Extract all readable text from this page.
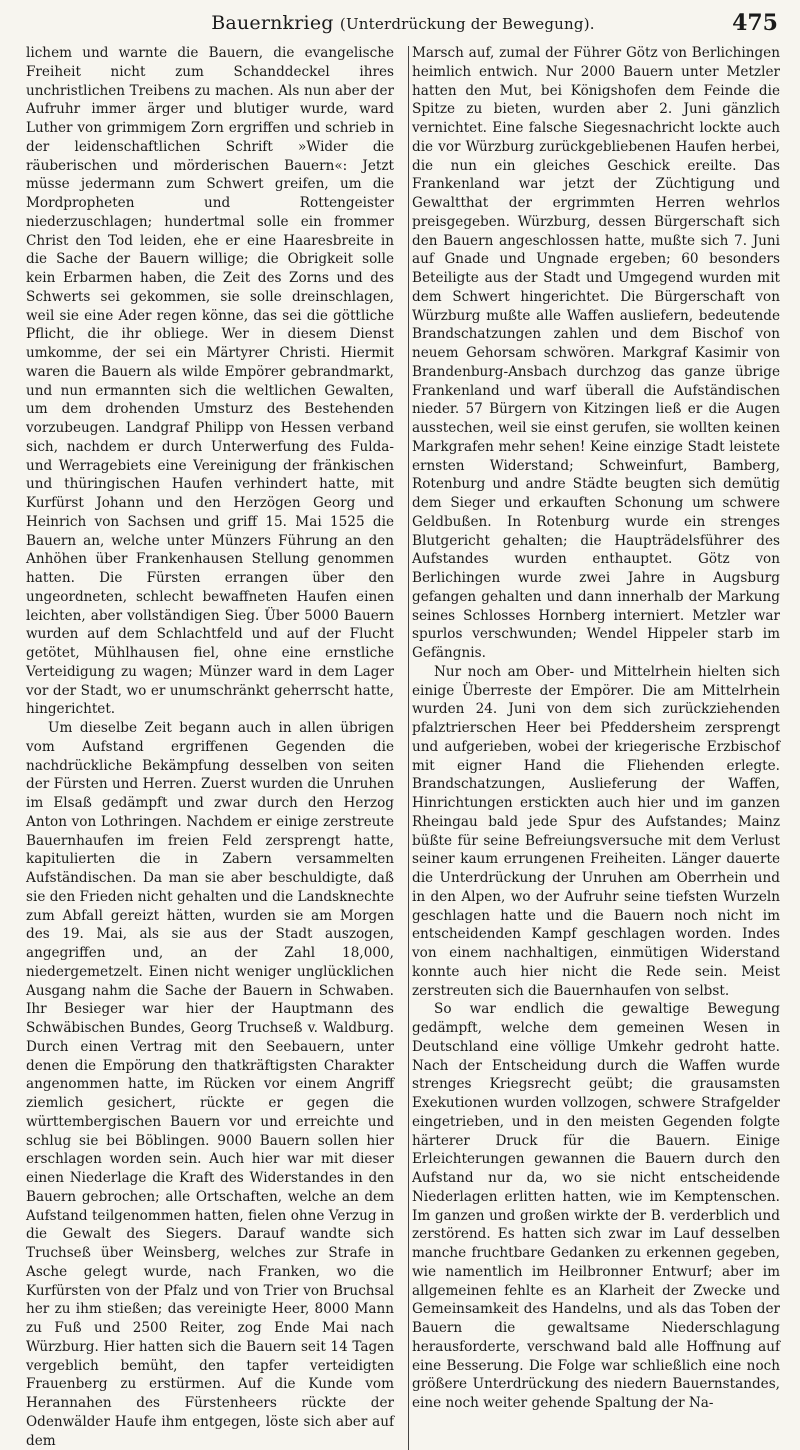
Bauernkrieg (Unterdrückung der Bewegung).	475

lichem und warnte die Bauern, die evangelische Freiheit nicht zum Schanddeckel ihres unchristlichen Treibens zu machen. Als nun aber der Aufruhr immer ärger und blutiger wurde, ward Luther von grimmigem Zorn ergriffen und schrieb in der leidenschaftlichen Schrift »Wider die räuberischen und mörderischen Bauern«: Jetzt müsse jedermann zum Schwert greifen, um die Mordpropheten und Rottengeister niederzuschlagen; hundertmal solle ein frommer Christ den Tod leiden, ehe er eine Haaresbreite in die Sache der Bauern willige; die Obrigkeit solle kein Erbarmen haben, die Zeit des Zorns und des Schwerts sei gekommen, sie solle dreinschlagen, weil sie eine Ader regen könne, das sei die göttliche Pflicht, die ihr obliege. Wer in diesem Dienst umkomme, der sei ein Märtyrer Christi. Hiermit waren die Bauern als wilde Empörer gebrandmarkt, und nun ermannten sich die weltlichen Gewalten, um dem drohenden Umsturz des Bestehenden vorzubeugen. Landgraf Philipp von Hessen verband sich, nachdem er durch Unterwerfung des Fulda- und Werragebiets eine Vereinigung der fränkischen und thüringischen Haufen verhindert hatte, mit Kurfürst Johann und den Herzögen Georg und Heinrich von Sachsen und griff 15. Mai 1525 die Bauern an, welche unter Münzers Führung an den Anhöhen über Frankenhausen Stellung genommen hatten. Die Fürsten errangen über den ungeordneten, schlecht bewaffneten Haufen einen leichten, aber vollständigen Sieg. Über 5000 Bauern wurden auf dem Schlachtfeld und auf der Flucht getötet, Mühlhausen fiel, ohne eine ernstliche Verteidigung zu wagen; Münzer ward in dem Lager vor der Stadt, wo er unumschränkt geherrscht hatte, hingerichtet.

Um dieselbe Zeit begann auch in allen übrigen vom Aufstand ergriffenen Gegenden die nachdrückliche Bekämpfung desselben von seiten der Fürsten und Herren. Zuerst wurden die Unruhen im Elsaß gedämpft und zwar durch den Herzog Anton von Lothringen. Nachdem er einige zerstreute Bauernhaufen im freien Feld zersprengt hatte, kapitulierten die in Zabern versammelten Aufständischen. Da man sie aber beschuldigte, daß sie den Frieden nicht gehalten und die Landsknechte zum Abfall gereizt hätten, wurden sie am Morgen des 19. Mai, als sie aus der Stadt auszogen, angegriffen und, an der Zahl 18,000, niedergemetzelt. Einen nicht weniger unglücklichen Ausgang nahm die Sache der Bauern in Schwaben. Ihr Besieger war hier der Hauptmann des Schwäbischen Bundes, Georg Truchseß v. Waldburg. Durch einen Vertrag mit den Seebauern, unter denen die Empörung den thatkräftigsten Charakter angenommen hatte, im Rücken vor einem Angriff ziemlich gesichert, rückte er gegen die württembergischen Bauern vor und erreichte und schlug sie bei Böblingen. 9000 Bauern sollen hier erschlagen worden sein. Auch hier war mit dieser einen Niederlage die Kraft des Widerstandes in den Bauern gebrochen; alle Ortschaften, welche an dem Aufstand teilgenommen hatten, fielen ohne Verzug in die Gewalt des Siegers. Darauf wandte sich Truchseß über Weinsberg, welches zur Strafe in Asche gelegt wurde, nach Franken, wo die Kurfürsten von der Pfalz und von Trier von Bruchsal her zu ihm stießen; das vereinigte Heer, 8000 Mann zu Fuß und 2500 Reiter, zog Ende Mai nach Würzburg. Hier hatten sich die Bauern seit 14 Tagen vergeblich bemüht, den tapfer verteidigten Frauenberg zu erstürmen. Auf die Kunde vom Herannahen des Fürstenheers rückte der Odenwälder Haufe ihm entgegen, löste sich aber auf dem

Marsch auf, zumal der Führer Götz von Berlichingen heimlich entwich. Nur 2000 Bauern unter Metzler hatten den Mut, bei Königshofen dem Feinde die Spitze zu bieten, wurden aber 2. Juni gänzlich vernichtet. Eine falsche Siegesnachricht lockte auch die vor Würzburg zurückgebliebenen Haufen herbei, die nun ein gleiches Geschick ereilte. Das Frankenland war jetzt der Züchtigung und Gewaltthat der ergrimmten Herren wehrlos preisgegeben. Würzburg, dessen Bürgerschaft sich den Bauern angeschlossen hatte, mußte sich 7. Juni auf Gnade und Ungnade ergeben; 60 besonders Beteiligte aus der Stadt und Umgegend wurden mit dem Schwert hingerichtet. Die Bürgerschaft von Würzburg mußte alle Waffen ausliefern, bedeutende Brandschatzungen zahlen und dem Bischof von neuem Gehorsam schwören. Markgraf Kasimir von Brandenburg-Ansbach durchzog das ganze übrige Frankenland und warf überall die Aufständischen nieder. 57 Bürgern von Kitzingen ließ er die Augen ausstechen, weil sie einst gerufen, sie wollten keinen Markgrafen mehr sehen! Keine einzige Stadt leistete ernsten Widerstand; Schweinfurt, Bamberg, Rotenburg und andre Städte beugten sich demütig dem Sieger und erkauften Schonung um schwere Geldbußen. In Rotenburg wurde ein strenges Blutgericht gehalten; die Haupträdelsführer des Aufstandes wurden enthauptet. Götz von Berlichingen wurde zwei Jahre in Augsburg gefangen gehalten und dann innerhalb der Markung seines Schlosses Hornberg interniert. Metzler war spurlos verschwunden; Wendel Hippeler starb im Gefängnis.

Nur noch am Ober- und Mittelrhein hielten sich einige Überreste der Empörer. Die am Mittelrhein wurden 24. Juni von dem sich zurückziehenden pfalztrierschen Heer bei Pfeddersheim zersprengt und aufgerieben, wobei der kriegerische Erzbischof mit eigner Hand die Fliehenden erlegte. Brandschatzungen, Auslieferung der Waffen, Hinrichtungen erstickten auch hier und im ganzen Rheingau bald jede Spur des Aufstandes; Mainz büßte für seine Befreiungsversuche mit dem Verlust seiner kaum errungenen Freiheiten. Länger dauerte die Unterdrückung der Unruhen am Oberrhein und in den Alpen, wo der Aufruhr seine tiefsten Wurzeln geschlagen hatte und die Bauern noch nicht im entscheidenden Kampf geschlagen worden. Indes von einem nachhaltigen, einmütigen Widerstand konnte auch hier nicht die Rede sein. Meist zerstreuten sich die Bauernhaufen von selbst.

So war endlich die gewaltige Bewegung gedämpft, welche dem gemeinen Wesen in Deutschland eine völlige Umkehr gedroht hatte. Nach der Entscheidung durch die Waffen wurde strenges Kriegsrecht geübt; die grausamsten Exekutionen wurden vollzogen, schwere Strafgelder eingetrieben, und in den meisten Gegenden folgte härterer Druck für die Bauern. Einige Erleichterungen gewannen die Bauern durch den Aufstand nur da, wo sie nicht entscheidende Niederlagen erlitten hatten, wie im Kemptenschen. Im ganzen und großen wirkte der B. verderblich und zerstörend. Es hatten sich zwar im Lauf desselben manche fruchtbare Gedanken zu erkennen gegeben, wie namentlich im Heilbronner Entwurf; aber im allgemeinen fehlte es an Klarheit der Zwecke und Gemeinsamkeit des Handelns, und als das Toben der Bauern die gewaltsame Niederschlagung herausforderte, verschwand bald alle Hoffnung auf eine Besserung. Die Folge war schließlich eine noch größere Unterdrückung des niedern Bauernstandes, eine noch weiter gehende Spaltung der Na-
